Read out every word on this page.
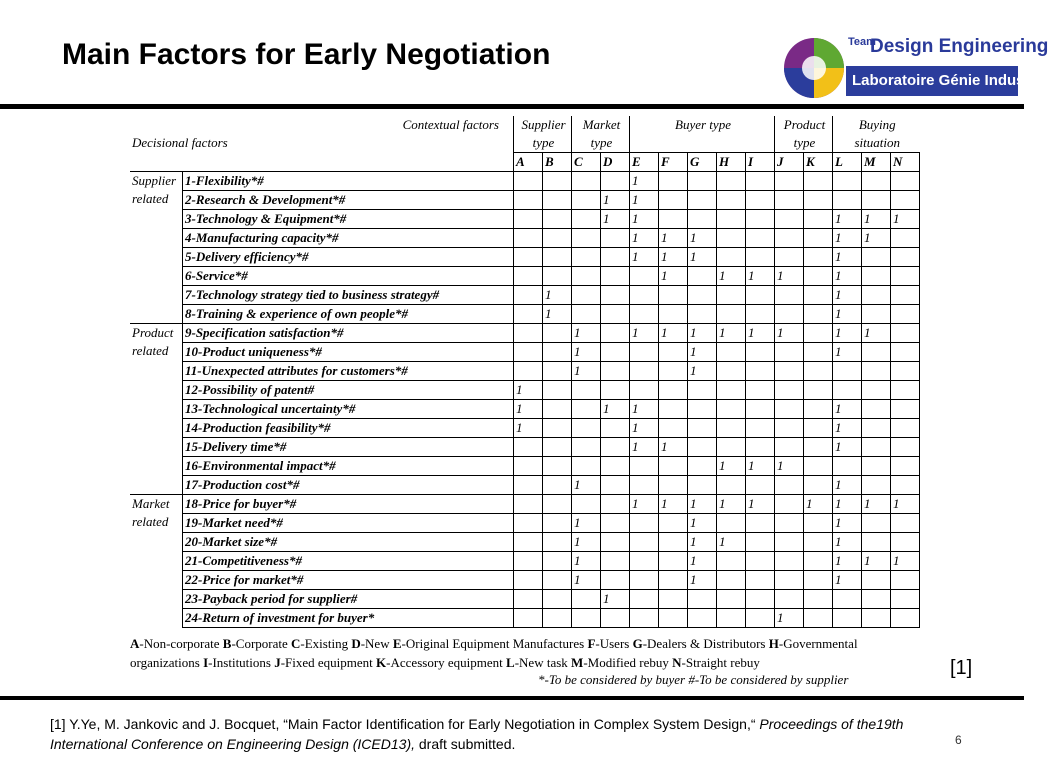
Main Factors for Early Negotiation	Team
Design Engineering
Laboratoire Génie Industriel
Contextual factors		Supplier type		Market type		Buyer type					Product type		Buying situation		
Decisional factors															
		A	B	C	D	E	F	G	H	I	J	K	L	M	N
Supplier related	1-Flexibility*#					1									
	2-Research & Development*#				1	1									
	3-Technology & Equipment*#				1	1							1	1	1
	4-Manufacturing capacity*#					1	1	1					1	1	
	5-Delivery efficiency*#					1	1	1					1		
	6-Service*#						1		1	1	1		1		
	7-Technology strategy tied to business strategy#		1										1		
	8-Training & experience of own people*#		1										1		
Product related	9-Specification satisfaction*#			1		1	1	1	1	1	1		1	1	
	10-Product uniqueness*#			1				1					1		
	11-Unexpected attributes for customers*#			1				1							
	12-Possibility of patent#	1													
	13-Technological uncertainty*#	1			1	1							1		
	14-Production feasibility*#	1				1							1		
	15-Delivery time*#					1	1						1		
	16-Environmental impact*#								1	1	1				
	17-Production cost*#			1									1		
Market related	18-Price for buyer*#					1	1	1	1	1		1	1	1	1
	19-Market need*#			1				1					1		
	20-Market size*#			1				1	1				1		
	21-Competitiveness*#			1				1					1	1	1
	22-Price for market*#			1				1					1		
	23-Payback period for supplier#				1										
	24-Return of investment for buyer*										1				
A-Non-corporate B-Corporate C-Existing D-New E-Original Equipment Manufactures F-Users G-Dealers & Distributors H-Governmental organizations I-Institutions J-Fixed equipment K-Accessory equipment L-New task M-Modified rebuy N-Straight rebuy
*-To be considered by buyer #-To be considered by supplier
[1]
[1] Y.Ye, M. Jankovic and J. Bocquet, “Main Factor Identification for Early Negotiation in Complex System Design,“ Proceedings of the19th International Conference on Engineering Design (ICED13), draft submitted.	6
